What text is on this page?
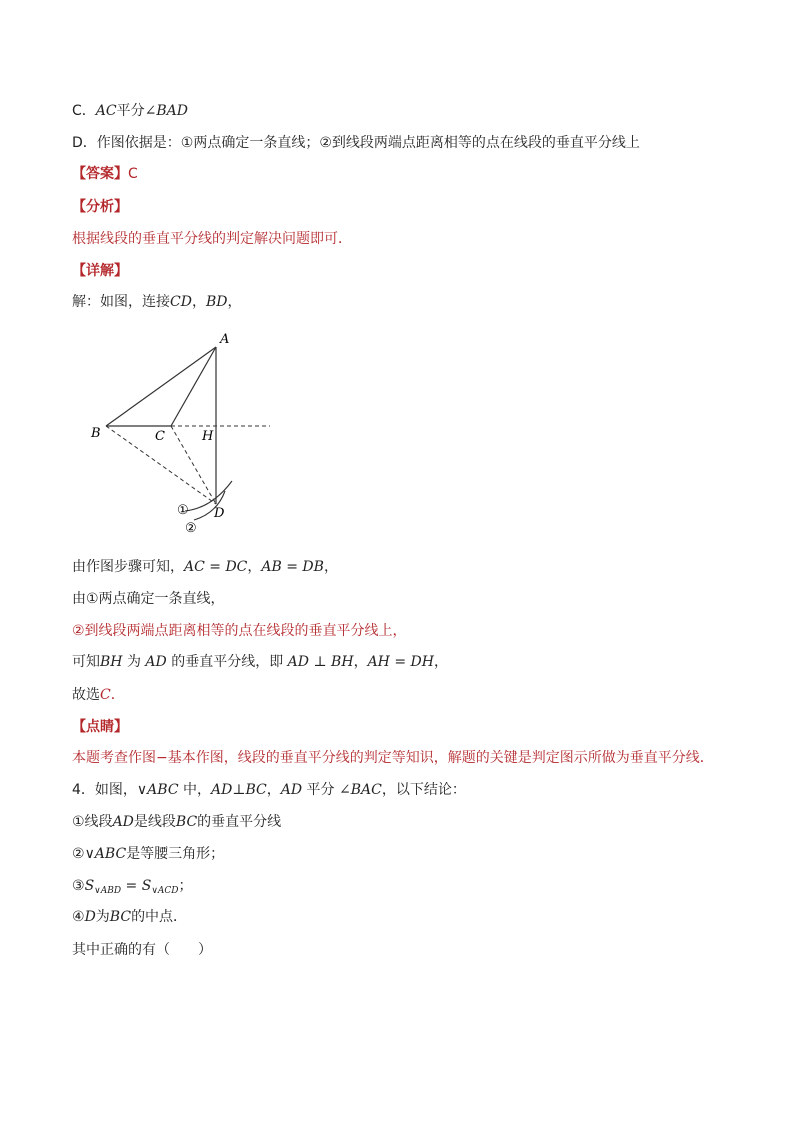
C．AC平分∠BAD
D．作图依据是：①两点确定一条直线；②到线段两端点距离相等的点在线段的垂直平分线上
【答案】C
【分析】
根据线段的垂直平分线的判定解决问题即可．
【详解】
解：如图，连接CD，BD，
A
B	C	H
D
①
②
由作图步骤可知，AC = DC，AB = DB，
由①两点确定一条直线，
②到线段两端点距离相等的点在线段的垂直平分线上，
可知BH 为 AD 的垂直平分线，即 AD ⊥ BH，AH = DH，
故选C．
【点睛】
本题考查作图−基本作图，线段的垂直平分线的判定等知识，解题的关键是判定图示所做为垂直平分线．
4．如图，∨ABC 中，AD⊥BC，AD 平分 ∠BAC，以下结论：
①线段AD是线段BC的垂直平分线
②∨ABC是等腰三角形；
$③S_{\vee ABD} = S_{\vee ACD}$；
④D为BC的中点．
其中正确的有（　　）
